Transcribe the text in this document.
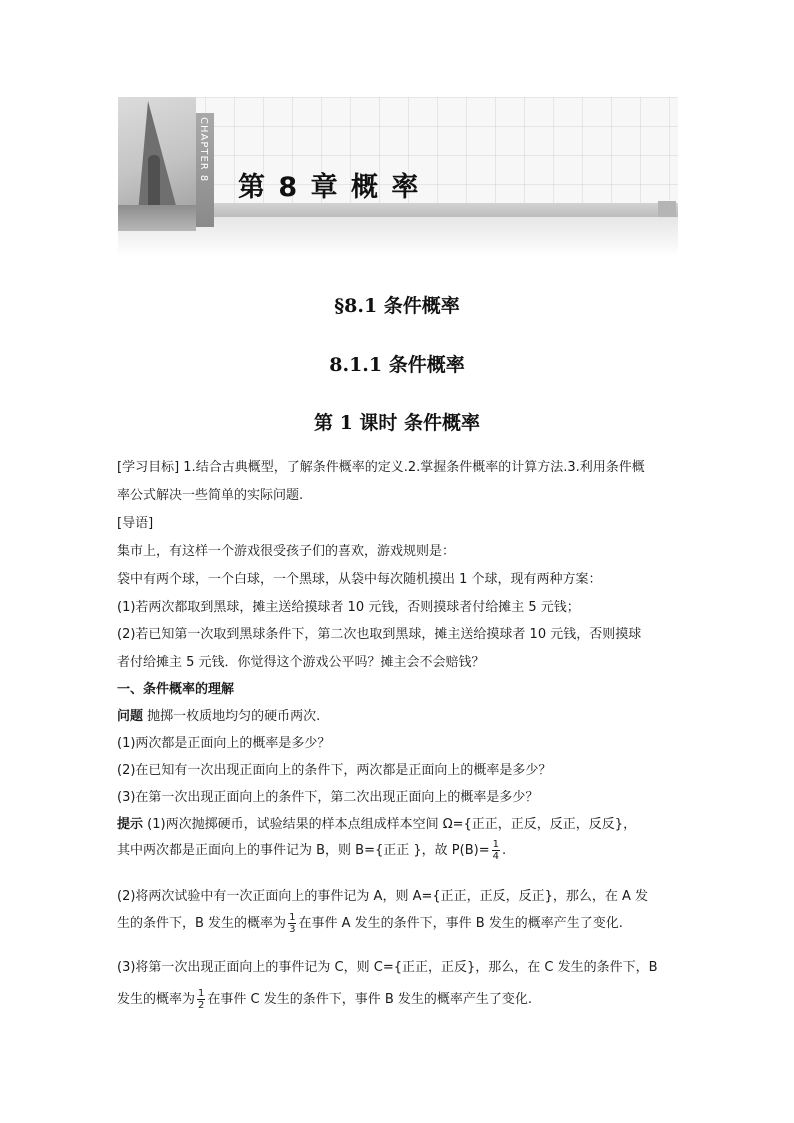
CHAPTER 8
第 8 章 概 率
§8.1 条件概率
8.1.1 条件概率
第 1 课时 条件概率
[学习目标] 1.结合古典概型，了解条件概率的定义.2.掌握条件概率的计算方法.3.利用条件概
率公式解决一些简单的实际问题.
[导语]
集市上，有这样一个游戏很受孩子们的喜欢，游戏规则是：
袋中有两个球，一个白球，一个黑球，从袋中每次随机摸出 1 个球，现有两种方案：
(1)若两次都取到黑球，摊主送给摸球者 10 元钱，否则摸球者付给摊主 5 元钱；
(2)若已知第一次取到黑球条件下，第二次也取到黑球，摊主送给摸球者 10 元钱，否则摸球
者付给摊主 5 元钱．你觉得这个游戏公平吗？摊主会不会赔钱？
一、条件概率的理解
问题 抛掷一枚质地均匀的硬币两次.
(1)两次都是正面向上的概率是多少？
(2)在已知有一次出现正面向上的条件下，两次都是正面向上的概率是多少？
(3)在第一次出现正面向上的条件下，第二次出现正面向上的概率是多少？
提示 (1)两次抛掷硬币，试验结果的样本点组成样本空间 Ω={正正，正反，反正，反反}，
其中两次都是正面向上的事件记为 B，则 B={正正 }，故 $P(B)= \frac{1}{4}$ .
(2)将两次试验中有一次正面向上的事件记为 A，则 A={正正，正反，反正}，那么，在 A 发
生的条件下，B 发生的概率为 $\frac{1}{3}$ 在事件 A 发生的条件下，事件 B 发生的概率产生了变化.
(3)将第一次出现正面向上的事件记为 C，则 C={正正，正反}，那么，在 C 发生的条件下，B
发生的概率为 $\frac{1}{2}$ 在事件 C 发生的条件下，事件 B 发生的概率产生了变化.
